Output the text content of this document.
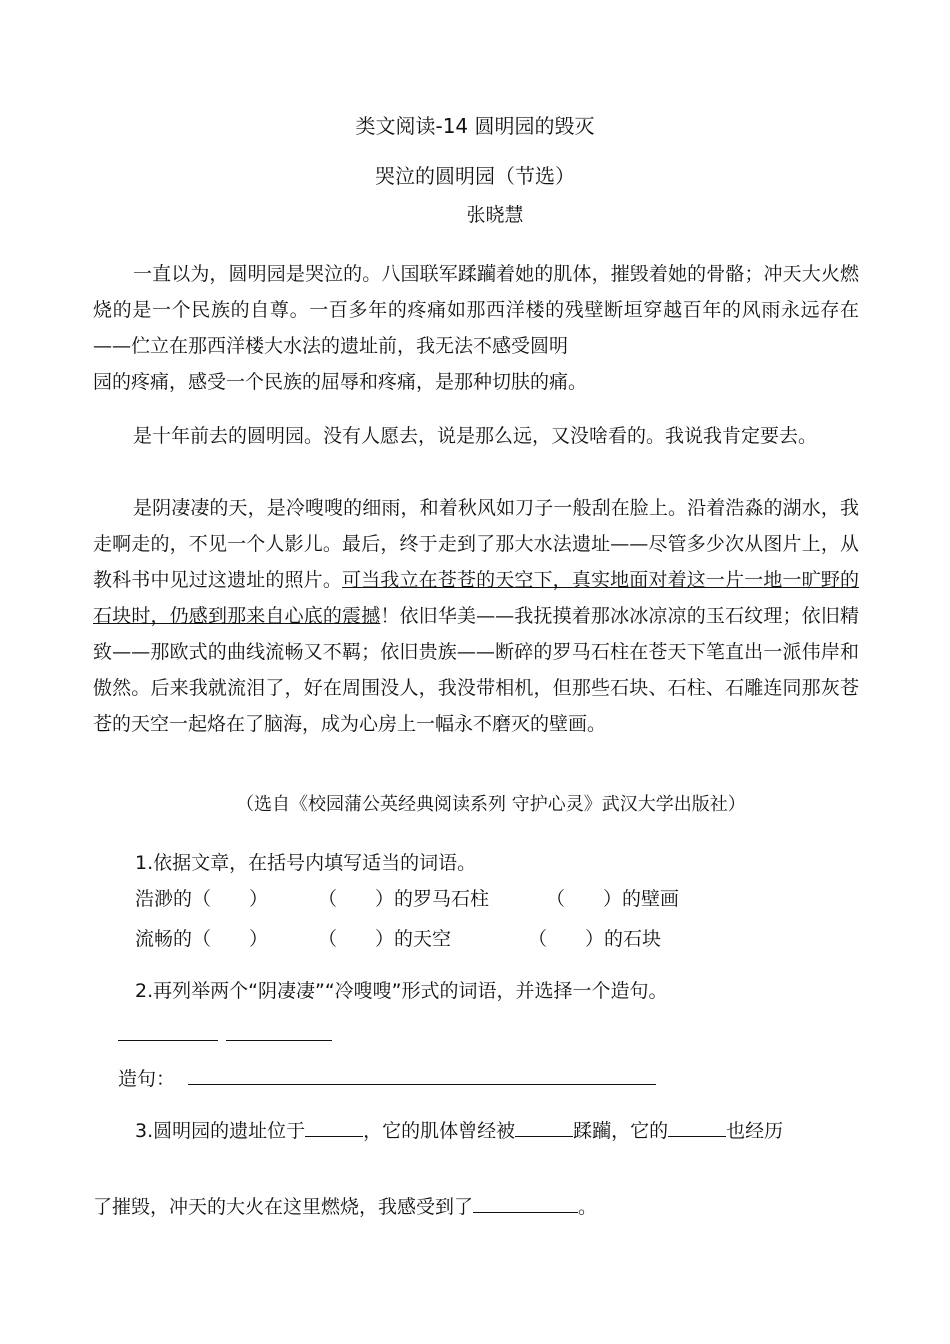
类文阅读-14 圆明园的毁灭
哭泣的圆明园（节选）
张晓慧
一直以为，圆明园是哭泣的。八国联军蹂躏着她的肌体，摧毁着她的骨骼；冲天大火燃烧的是一个民族的自尊。一百多年的疼痛如那西洋楼的残壁断垣穿越百年的风雨永远存在——伫立在那西洋楼大水法的遗址前，我无法不感受圆明
园的疼痛，感受一个民族的屈辱和疼痛，是那种切肤的痛。
是十年前去的圆明园。没有人愿去，说是那么远，又没啥看的。我说我肯定要去。
是阴凄凄的天，是冷嗖嗖的细雨，和着秋风如刀子一般刮在脸上。沿着浩淼的湖水，我走啊走的，不见一个人影儿。最后，终于走到了那大水法遗址——尽管多少次从图片上，从教科书中见过这遗址的照片。可当我立在苍苍的天空下，真实地面对着这一片一地一旷野的石块时，仍感到那来自心底的震撼！依旧华美——我抚摸着那冰冰凉凉的玉石纹理；依旧精致——那欧式的曲线流畅又不羁；依旧贵族——断碎的罗马石柱在苍天下笔直出一派伟岸和傲然。后来我就流泪了，好在周围没人，我没带相机，但那些石块、石柱、石雕连同那灰苍苍的天空一起烙在了脑海，成为心房上一幅永不磨灭的壁画。
（选自《校园蒲公英经典阅读系列 守护心灵》武汉大学出版社）
1.依据文章，在括号内填写适当的词语。
浩渺的（　　）	（　　）的罗马石柱	（　　）的壁画
流畅的（　　）	（　　）的天空	（　　）的石块
2.再列举两个“阴凄凄”“冷嗖嗖”形式的词语，并选择一个造句。
造句：
3.圆明园的遗址位于	，它的肌体曾经被	蹂躏，它的	也经历
了摧毁，冲天的大火在这里燃烧，我感受到了	。
